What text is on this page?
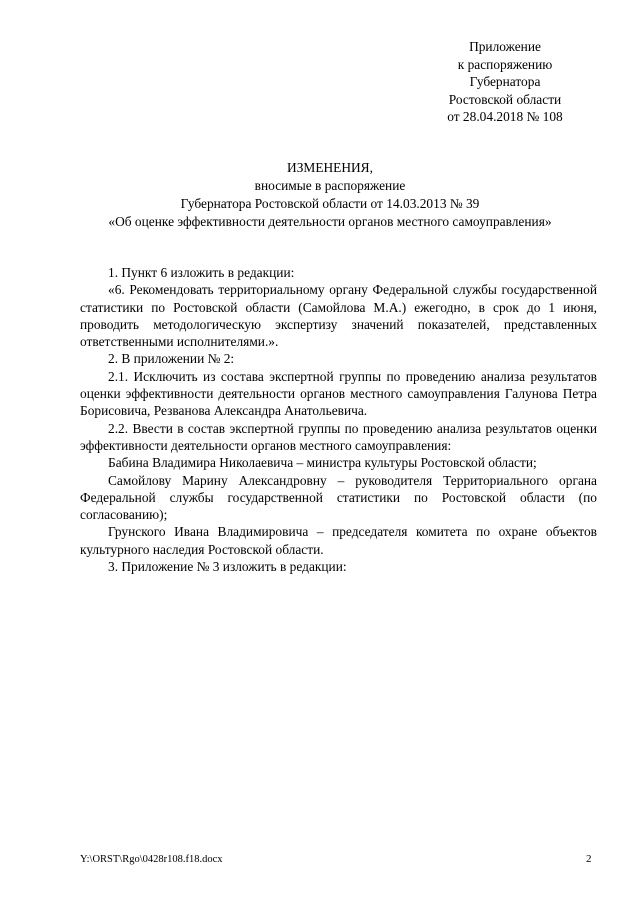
Приложение
к распоряжению
Губернатора
Ростовской области
от 28.04.2018 № 108
ИЗМЕНЕНИЯ,
вносимые в распоряжение
Губернатора Ростовской области от 14.03.2013 № 39
«Об оценке эффективности деятельности органов местного самоуправления»

1. Пункт 6 изложить в редакции:

«6. Рекомендовать территориальному органу Федеральной службы государственной статистики по Ростовской области (Самойлова М.А.) ежегодно, в срок до 1 июня, проводить методологическую экспертизу значений показателей, представленных ответственными исполнителями.».

2. В приложении № 2:

2.1. Исключить из состава экспертной группы по проведению анализа результатов оценки эффективности деятельности органов местного самоуправления Галунова Петра Борисовича, Резванова Александра Анатольевича.

2.2. Ввести в состав экспертной группы по проведению анализа результатов оценки эффективности деятельности органов местного самоуправления:

Бабина Владимира Николаевича – министра культуры Ростовской области;

Самойлову Марину Александровну – руководителя Территориального органа Федеральной службы государственной статистики по Ростовской области (по согласованию);

Грунского Ивана Владимировича – председателя комитета по охране объектов культурного наследия Ростовской области.

3. Приложение № 3 изложить в редакции:

Y:\ORST\Rgo\0428r108.f18.docx	2
